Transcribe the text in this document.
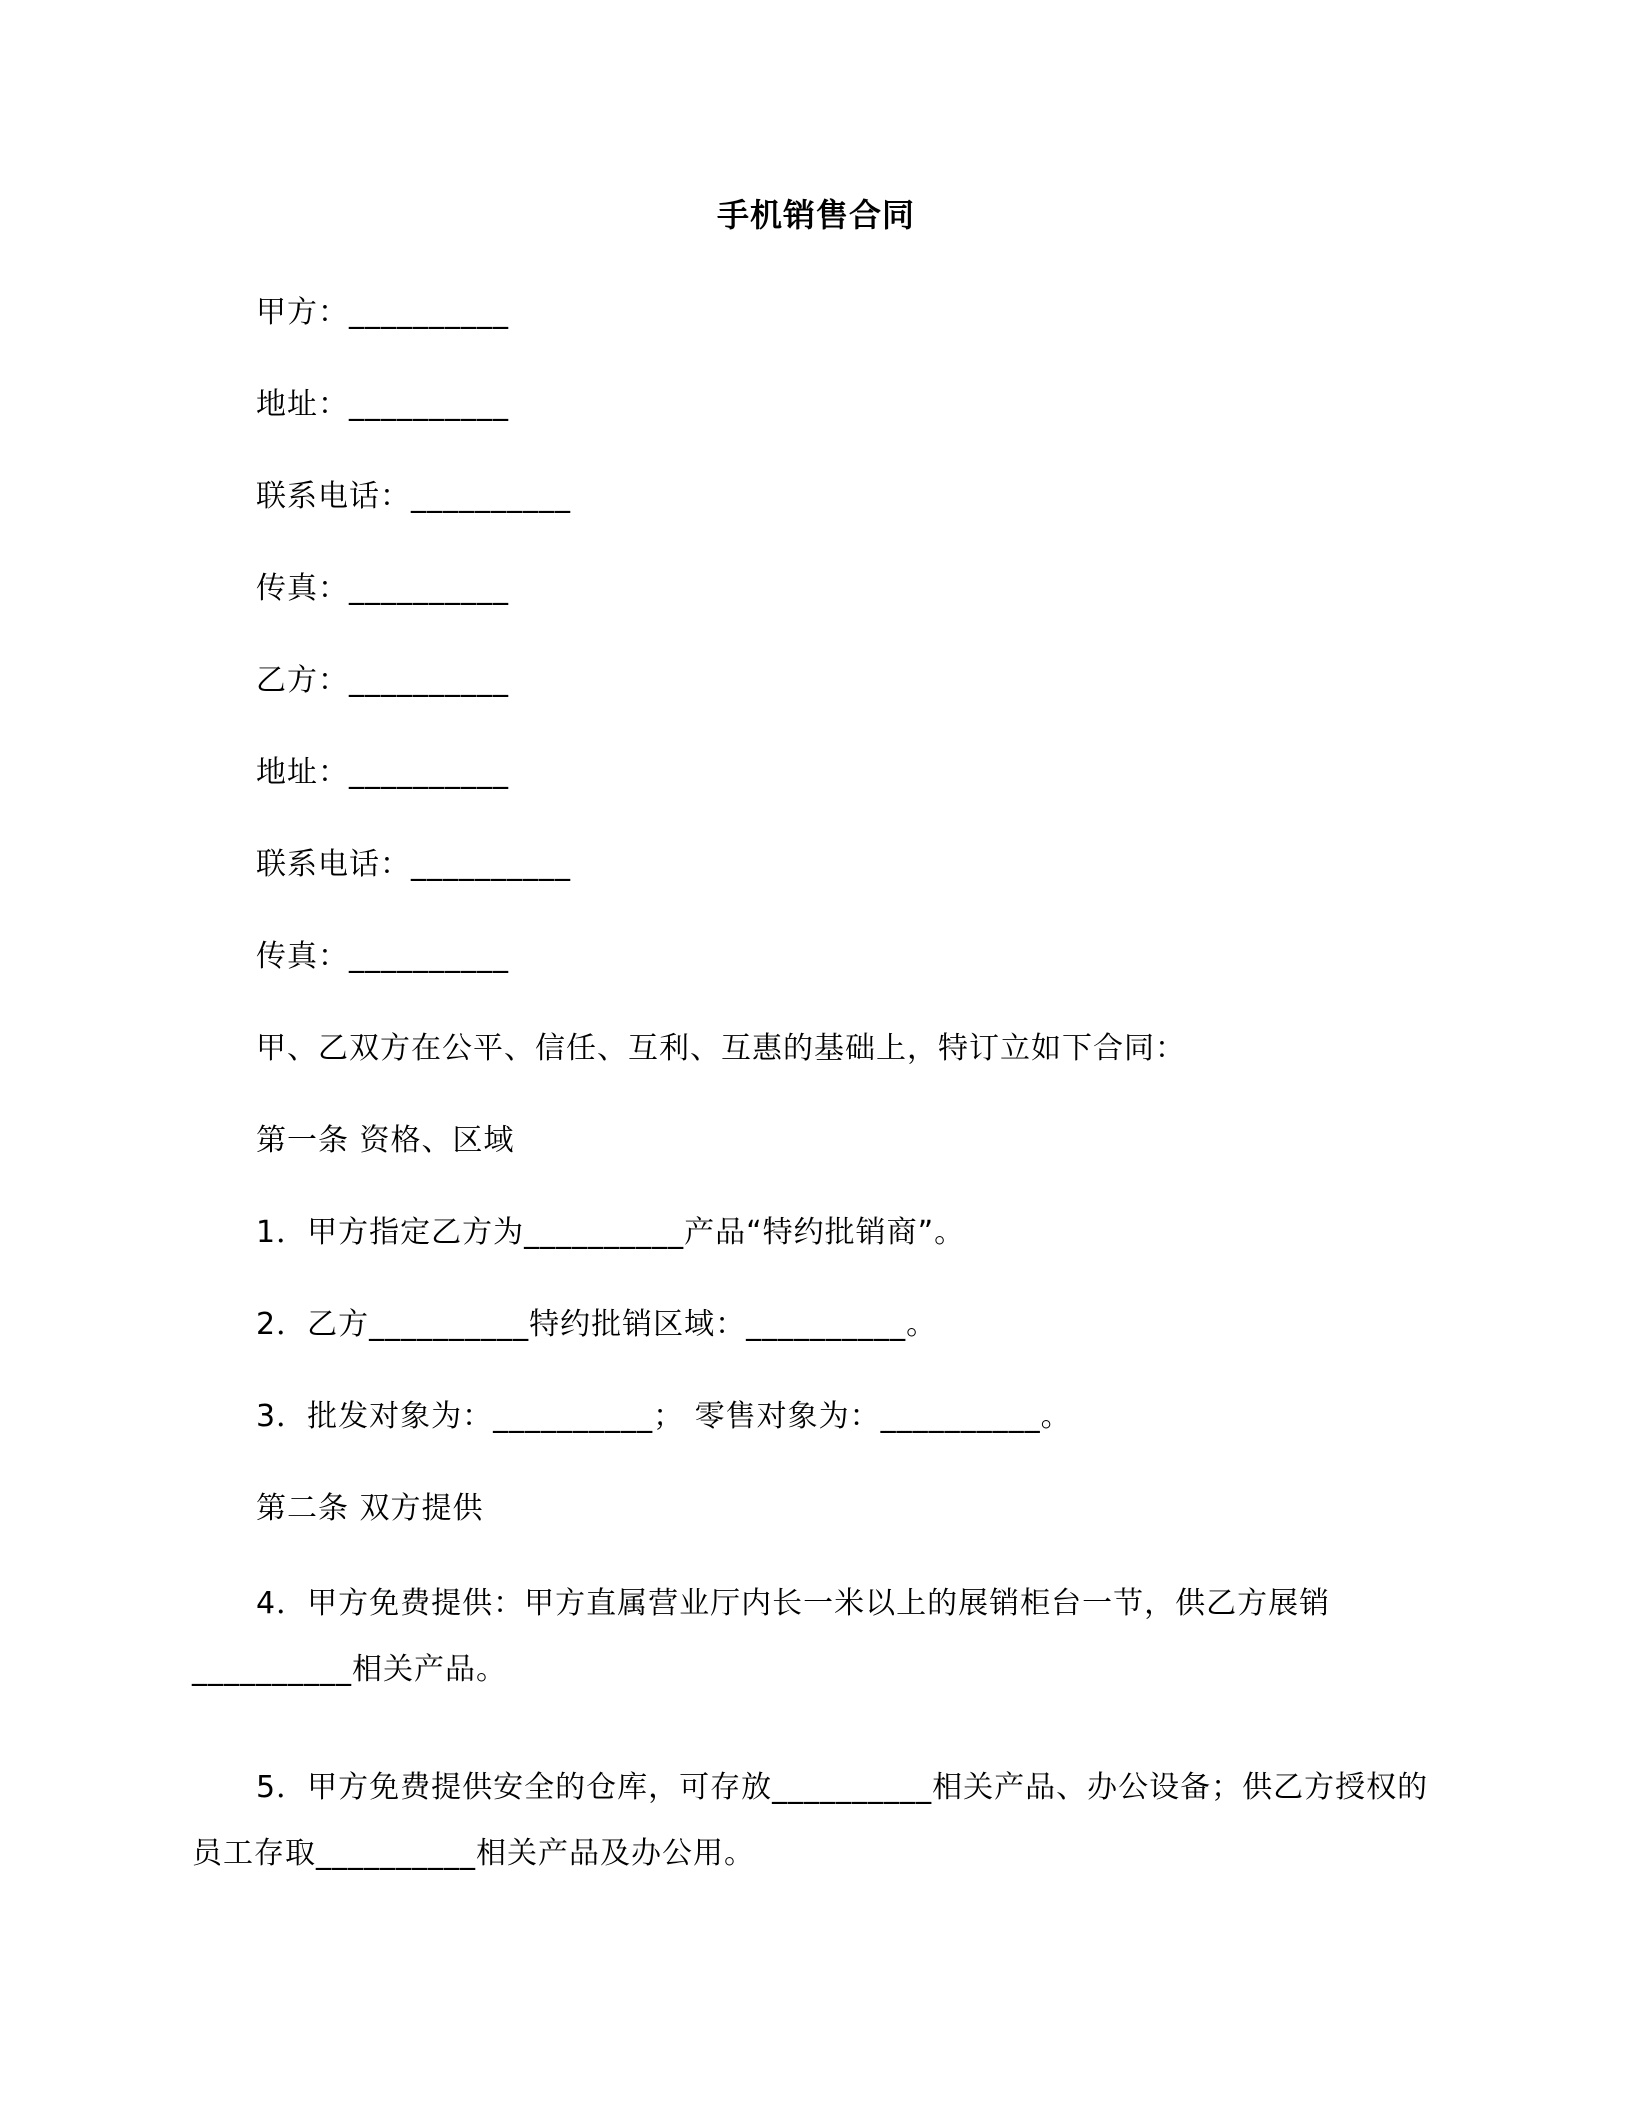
手机销售合同
甲方：__________
地址：__________
联系电话：__________
传真：__________
乙方：__________
地址：__________
联系电话：__________
传真：__________
甲、乙双方在公平、信任、互利、互惠的基础上，特订立如下合同：
第一条 资格、区域
1．甲方指定乙方为__________产品“特约批销商”。
2．乙方__________特约批销区域：__________。
3．批发对象为：__________； 零售对象为：__________。
第二条 双方提供
4．甲方免费提供：甲方直属营业厅内长一米以上的展销柜台一节，供乙方展销__________相关产品。
5．甲方免费提供安全的仓库，可存放__________相关产品、办公设备；供乙方授权的员工存取__________相关产品及办公用。
